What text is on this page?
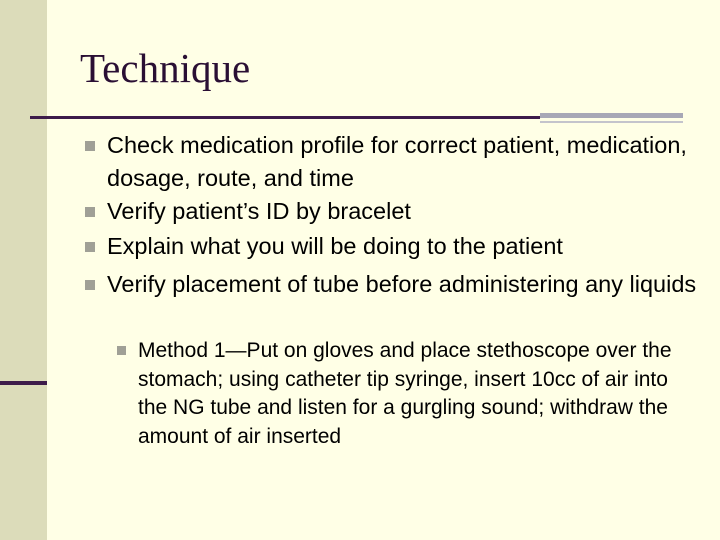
Technique
Check medication profile for correct patient, medication, dosage, route, and time
Verify patient’s ID by bracelet
Explain what you will be doing to the patient
Verify placement of tube before administering any liquids
Method 1—Put on gloves and place stethoscope over the stomach; using catheter tip syringe, insert 10cc of air into the NG tube and listen for a gurgling sound; withdraw the amount of air inserted
